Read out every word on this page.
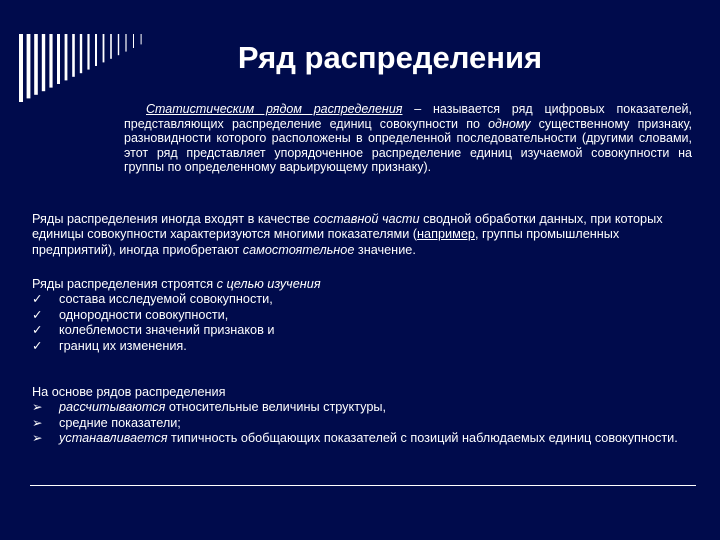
Ряд распределения
Статистическим рядом распределения – называется ряд цифровых показателей, представляющих распределение единиц совокупности по одному существенному признаку, разновидности которого расположены в определенной последовательности (другими словами, этот ряд представляет упорядоченное распределение единиц изучаемой совокупности на группы по определенному варьирующему признаку).
Ряды распределения иногда входят в качестве составной части сводной обработки данных, при которых единицы совокупности характеризуются многими показателями (например, группы промышленных предприятий), иногда приобретают самостоятельное значение.
Ряды распределения строятся с целью изучения
✓ состава исследуемой совокупности,
✓ однородности совокупности,
✓ колеблемости значений признаков и
✓ границ их изменения.
На основе рядов распределения
➢ рассчитываются относительные величины структуры,
➢ средние показатели;
➢ устанавливается типичность обобщающих показателей с позиций наблюдаемых единиц совокупности.
